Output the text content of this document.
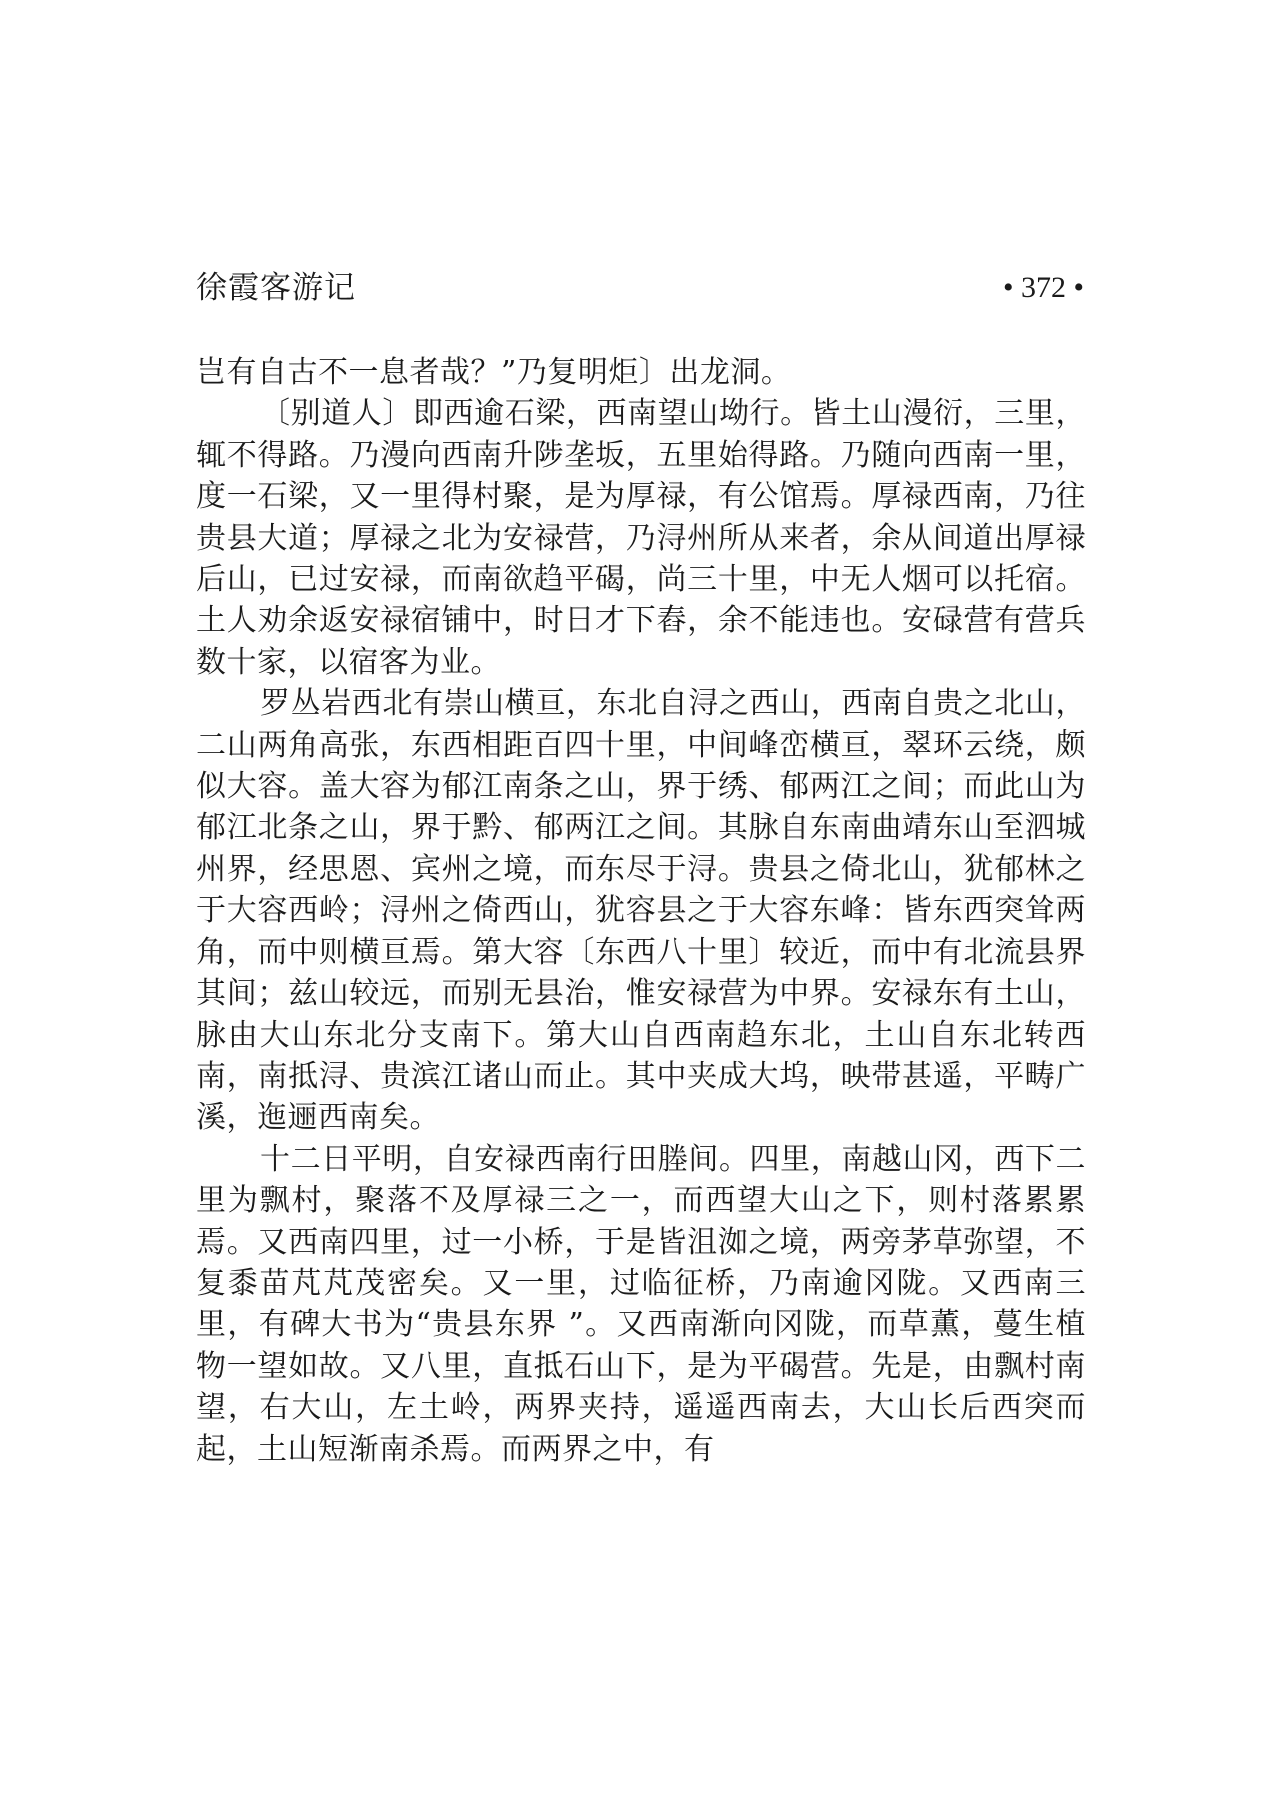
徐霞客游记	• 372 •

岂有自古不一息者哉？”乃复明炬〕出龙洞。

〔别道人〕即西逾石梁，西南望山坳行。皆土山漫衍，三里，辄不得路。乃漫向西南升陟垄坂，五里始得路。乃随向西南一里，度一石梁，又一里得村聚，是为厚禄，有公馆焉。厚禄西南，乃往贵县大道；厚禄之北为安禄营，乃浔州所从来者，余从间道出厚禄后山，已过安禄，而南欲趋平碣，尚三十里，中无人烟可以托宿。土人劝余返安禄宿铺中，时日才下舂，余不能违也。安碌营有营兵数十家，以宿客为业。

罗丛岩西北有崇山横亘，东北自浔之西山，西南自贵之北山，二山两角高张，东西相距百四十里，中间峰峦横亘，翠环云绕，颇似大容。盖大容为郁江南条之山，界于绣、郁两江之间；而此山为郁江北条之山，界于黔、郁两江之间。其脉自东南曲靖东山至泗城州界，经思恩、宾州之境，而东尽于浔。贵县之倚北山，犹郁林之于大容西岭；浔州之倚西山，犹容县之于大容东峰：皆东西突耸两角，而中则横亘焉。第大容〔东西八十里〕较近，而中有北流县界其间；兹山较远，而别无县治，惟安禄营为中界。安禄东有土山，脉由大山东北分支南下。第大山自西南趋东北，土山自东北转西南，南抵浔、贵滨江诸山而止。其中夹成大坞，映带甚遥，平畴广溪，迤逦西南矣。

十二日平明，自安禄西南行田塍间。四里，南越山冈，西下二里为飘村，聚落不及厚禄三之一，而西望大山之下，则村落累累焉。又西南四里，过一小桥，于是皆沮洳之境，两旁茅草弥望，不复黍苗芃芃茂密矣。又一里，过临征桥，乃南逾冈陇。又西南三里，有碑大书为“贵县东界 ”。又西南渐向冈陇，而草薫，蔓生植物一望如故。又八里，直抵石山下，是为平碣营。先是，由飘村南望，右大山，左土岭，两界夹持，遥遥西南去，大山长后西突而起，土山短渐南杀焉。而两界之中，有
